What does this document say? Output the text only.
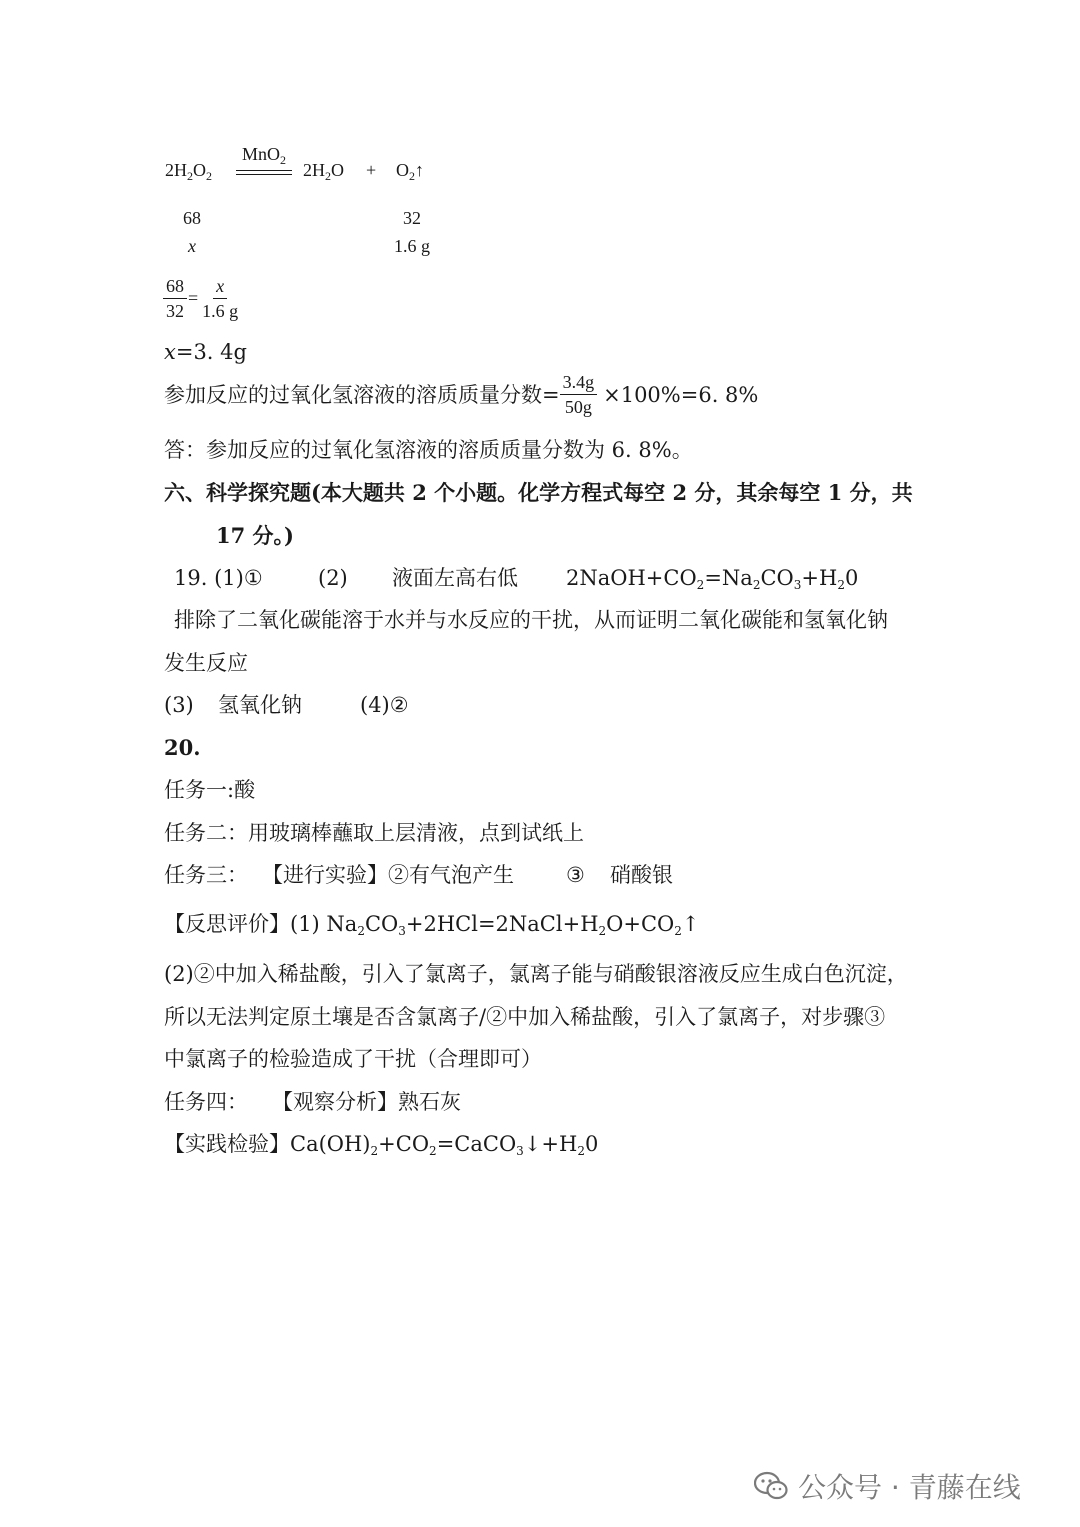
$2H_2O_2$
MnO$_2$ $2H_2O$ + $O_2↑$
68	32
x	1.6 g
$\frac{68}{32} = \frac{x}{1.6 g}$
x=3. 4g
参加反应的过氧化氢溶液的溶质质量分数= $\frac{3.4g}{50g} \times 100\%=6$. 8%
答：参加反应的过氧化氢溶液的溶质质量分数为 6. 8%。
六、科学探究题(本大题共 2 个小题。化学方程式每空 2 分，其余每空 1 分，共
17 分。)
19. (1)①	(2) 液面左高右低 $2NaOH+CO_2=Na_2CO_3+H_20$
排除了二氧化碳能溶于水并与水反应的干扰，从而证明二氧化碳能和氢氧化钠
发生反应
(3) 氢氧化钠	(4)②
20.
任务一:酸
任务二：用玻璃棒蘸取上层清液，点到试纸上
任务三： 【进行实验】②有气泡产生 ③ 硝酸银
【反思评价】(1) $Na_2CO_3+2HCl=2NaCl+H_2O+CO_2↑$
(2)②中加入稀盐酸，引入了氯离子，氯离子能与硝酸银溶液反应生成白色沉淀，
所以无法判定原土壤是否含氯离子/②中加入稀盐酸，引入了氯离子，对步骤③
中氯离子的检验造成了干扰（合理即可）
任务四： 【观察分析】熟石灰
【实践检验】$Ca(OH)_2+CO_2=CaCO_3↓+H_20$
公众号 · 青藤在线
